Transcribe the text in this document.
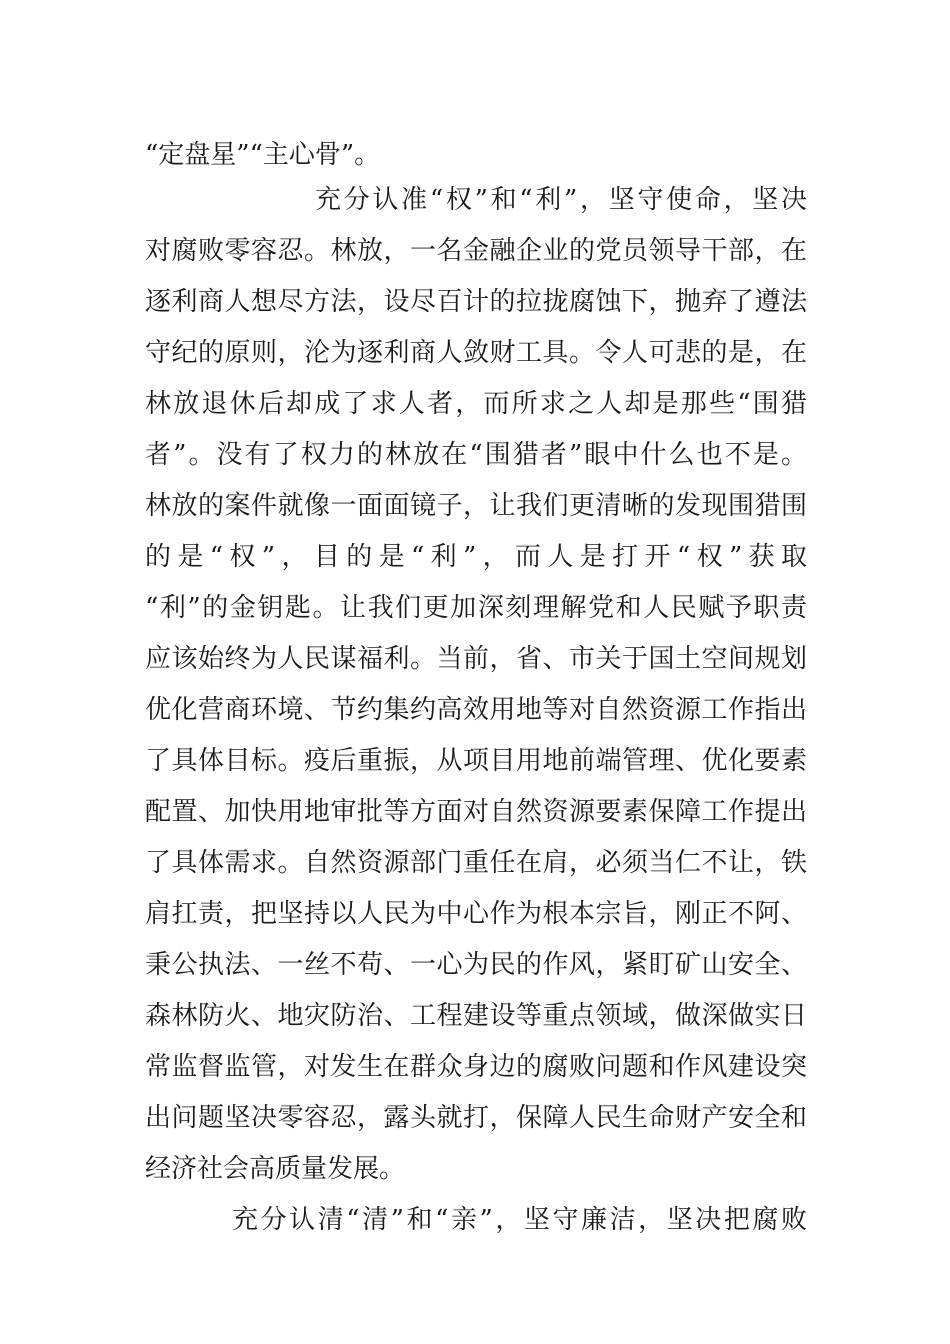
“定盘星”“主心骨”。
充分认准“权”和“利”，坚守使命，坚决
对腐败零容忍。林放，一名金融企业的党员领导干部，在
逐利商人想尽方法，设尽百计的拉拢腐蚀下，抛弃了遵法
守纪的原则，沦为逐利商人敛财工具。令人可悲的是，在
林放退休后却成了求人者，而所求之人却是那些“围猎
者”。没有了权力的林放在“围猎者”眼中什么也不是。
林放的案件就像一面面镜子，让我们更清晰的发现围猎围
的是“权”，目的是“利”，而人是打开“权”获取
“利”的金钥匙。让我们更加深刻理解党和人民赋予职责
应该始终为人民谋福利。当前，省、市关于国土空间规划
优化营商环境、节约集约高效用地等对自然资源工作指出
了具体目标。疫后重振，从项目用地前端管理、优化要素
配置、加快用地审批等方面对自然资源要素保障工作提出
了具体需求。自然资源部门重任在肩，必须当仁不让，铁
肩扛责，把坚持以人民为中心作为根本宗旨，刚正不阿、
秉公执法、一丝不苟、一心为民的作风，紧盯矿山安全、
森林防火、地灾防治、工程建设等重点领域，做深做实日
常监督监管，对发生在群众身边的腐败问题和作风建设突
出问题坚决零容忍，露头就打，保障人民生命财产安全和
经济社会高质量发展。
充分认清“清”和“亲”，坚守廉洁，坚决把腐败
